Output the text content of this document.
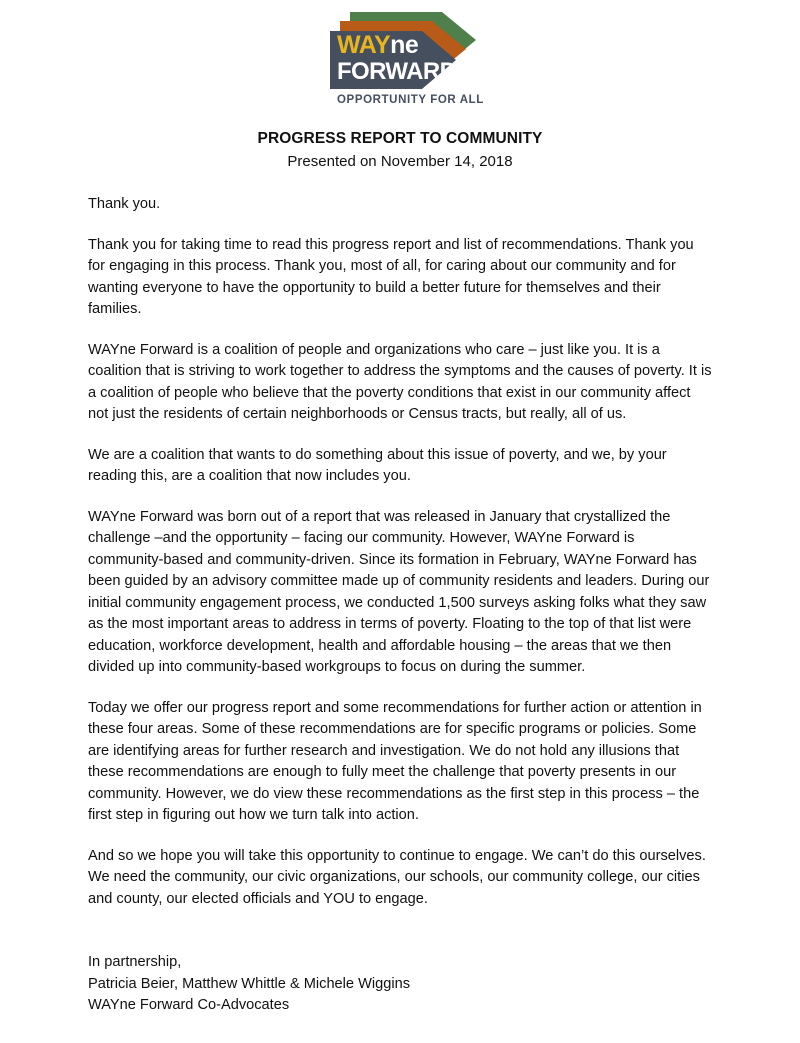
WAYne
FORWARD
OPPORTUNITY FOR ALL
PROGRESS REPORT TO COMMUNITY

Presented on November 14, 2018

Thank you.

Thank you for taking time to read this progress report and list of recommendations. Thank you for engaging in this process. Thank you, most of all, for caring about our community and for wanting everyone to have the opportunity to build a better future for themselves and their families.

WAYne Forward is a coalition of people and organizations who care – just like you. It is a coalition that is striving to work together to address the symptoms and the causes of poverty. It is a coalition of people who believe that the poverty conditions that exist in our community affect not just the residents of certain neighborhoods or Census tracts, but really, all of us.

We are a coalition that wants to do something about this issue of poverty, and we, by your reading this, are a coalition that now includes you.

WAYne Forward was born out of a report that was released in January that crystallized the challenge –and the opportunity – facing our community. However, WAYne Forward is community-based and community-driven. Since its formation in February, WAYne Forward has been guided by an advisory committee made up of community residents and leaders. During our initial community engagement process, we conducted 1,500 surveys asking folks what they saw as the most important areas to address in terms of poverty. Floating to the top of that list were education, workforce development, health and affordable housing – the areas that we then divided up into community-based workgroups to focus on during the summer.

Today we offer our progress report and some recommendations for further action or attention in these four areas. Some of these recommendations are for specific programs or policies. Some are identifying areas for further research and investigation. We do not hold any illusions that these recommendations are enough to fully meet the challenge that poverty presents in our community. However, we do view these recommendations as the first step in this process – the first step in figuring out how we turn talk into action.

And so we hope you will take this opportunity to continue to engage. We can’t do this ourselves. We need the community, our civic organizations, our schools, our community college, our cities and county, our elected officials and YOU to engage.

In partnership,
Patricia Beier, Matthew Whittle & Michele Wiggins
WAYne Forward Co-Advocates
